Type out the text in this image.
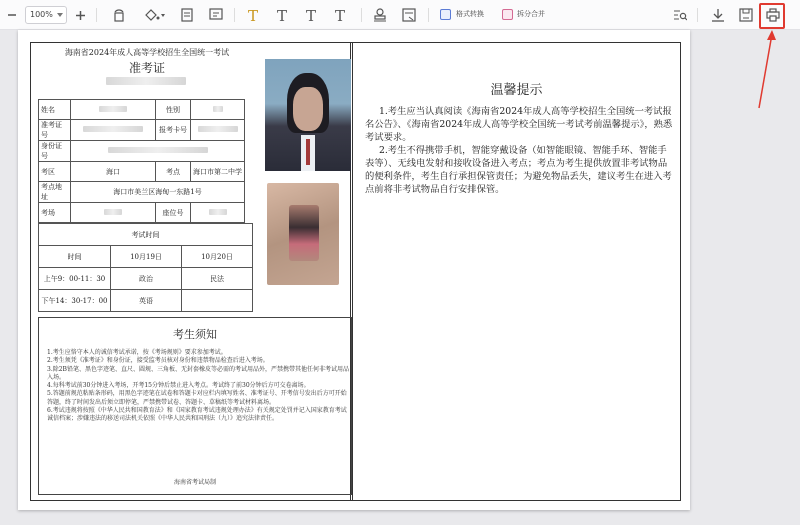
100%	T T T T	格式转换	拆分合并
海南省2024年成人高等学校招生全国统一考试
准考证
姓名		性别	
准考证号		报考卡号	
身份证号			
考区	海口	考点	海口市第二中学
考点地址	海口市美兰区海甸一东路1号		
考场		座位号	
考试时间		
时间	10月19日	10月20日
上午9：00-11：30	政治	民法
下午14：30-17：00	英语	
考生须知
1.考生应恪守本人的诚信考试承诺，按《考场规则》要求参加考试。
2.考生须凭《准考证》和身份证，接受监考员核对身份和违禁物品检查后进入考场。
3.除2B铅笔、黑色字迹笔、直尺、圆规、三角板、无封套橡皮等必需的考试用品外，严禁携带其他任何非考试用品入场。
4.每科考试前30分钟进入考场，开考15分钟后禁止进入考点。考试终了前30分钟后方可交卷离场。
5.答题前规范粘贴条形码，用黑色字迹笔在试卷和答题卡对应栏内填写姓名、准考证号、开考信号发出后方可开始答题，终了时间发出后须立即停笔，严禁携带试卷、答题卡、草稿纸等考试材料离场。
6.考试违规将按照《中华人民共和国教育法》和《国家教育考试违规处理办法》有关规定处罚并记入国家教育考试诚信档案；涉嫌违法的移送司法机关依照《中华人民共和国刑法（九）》追究法律责任。
海南省考试局制
温馨提示

1.考生应当认真阅读《海南省2024年成人高等学校招生全国统一考试报名公告》、《海南省2024年成人高等学校全国统一考试考前温馨提示》，熟悉考试要求。

2.考生不得携带手机，智能穿戴设备（如智能眼镜、智能手环、智能手表等）、无线电发射和接收设备进入考点；考点为考生提供放置非考试物品的便利条件，考生自行承担保管责任；为避免物品丢失，建议考生在进入考点前将非考试物品自行安排保管。
